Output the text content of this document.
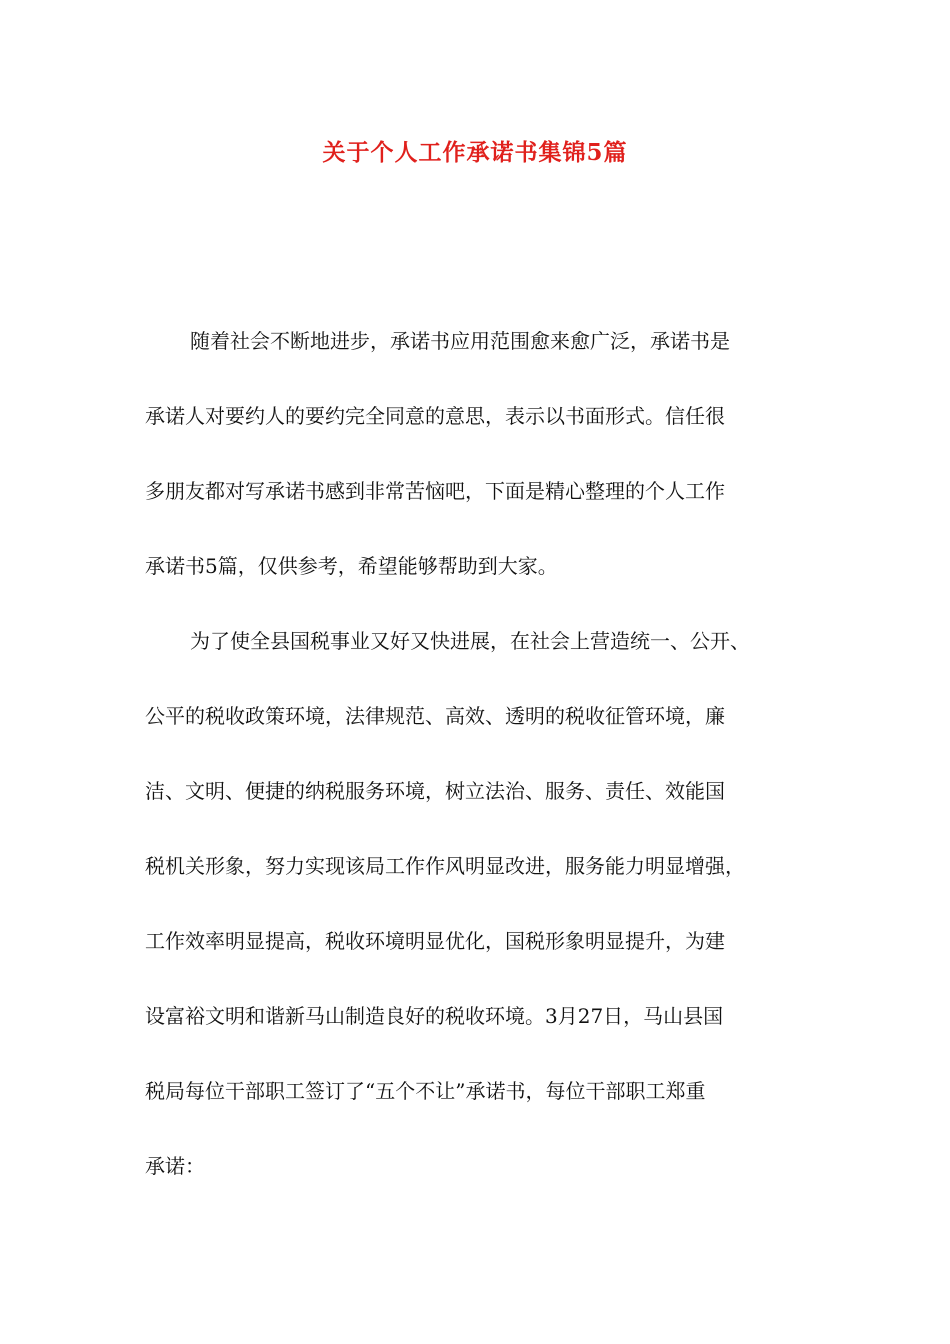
关于个人工作承诺书集锦5篇

随着社会不断地进步，承诺书应用范围愈来愈广泛，承诺书是

承诺人对要约人的要约完全同意的意思，表示以书面形式。信任很

多朋友都对写承诺书感到非常苦恼吧，下面是精心整理的个人工作

承诺书5篇，仅供参考，希望能够帮助到大家。

为了使全县国税事业又好又快进展，在社会上营造统一、公开、

公平的税收政策环境，法律规范、高效、透明的税收征管环境，廉

洁、文明、便捷的纳税服务环境，树立法治、服务、责任、效能国

税机关形象，努力实现该局工作作风明显改进，服务能力明显增强，

工作效率明显提高，税收环境明显优化，国税形象明显提升，为建

设富裕文明和谐新马山制造良好的税收环境。3月27日，马山县国

税局每位干部职工签订了“五个不让”承诺书，每位干部职工郑重

承诺：
